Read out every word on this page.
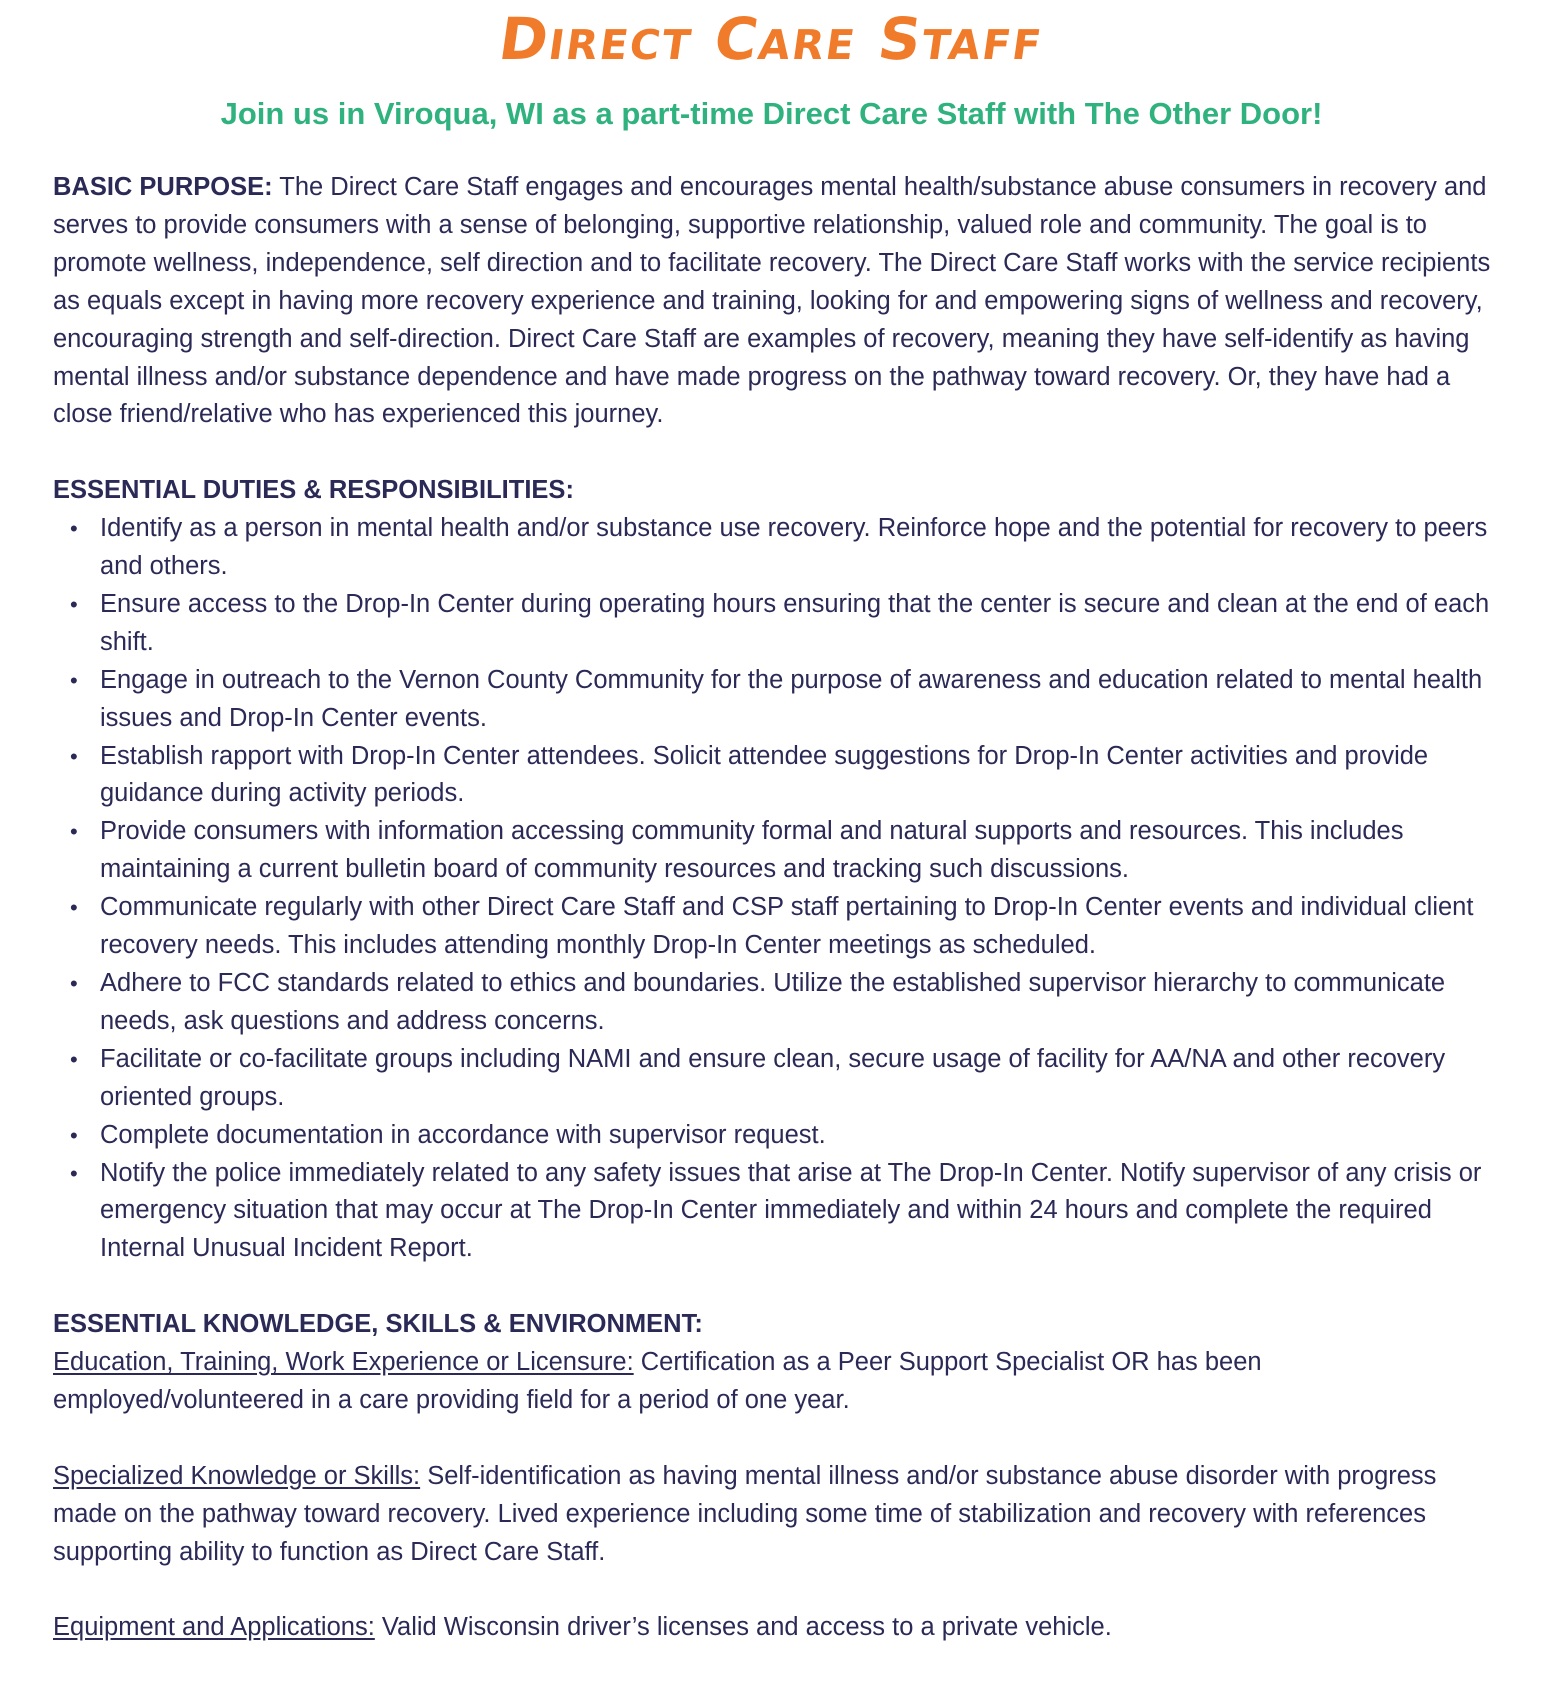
Direct Care Staff
Join us in Viroqua, WI as a part-time Direct Care Staff with The Other Door!

BASIC PURPOSE: The Direct Care Staff engages and encourages mental health/substance abuse consumers in recovery and serves to provide consumers with a sense of belonging, supportive relationship, valued role and community. The goal is to promote wellness, independence, self direction and to facilitate recovery. The Direct Care Staff works with the service recipients as equals except in having more recovery experience and training, looking for and empowering signs of wellness and recovery, encouraging strength and self-direction. Direct Care Staff are examples of recovery, meaning they have self-identify as having mental illness and/or substance dependence and have made progress on the pathway toward recovery. Or, they have had a close friend/relative who has experienced this journey.

ESSENTIAL DUTIES & RESPONSIBILITIES:
• Identify as a person in mental health and/or substance use recovery. Reinforce hope and the potential for recovery to peers and others.
• Ensure access to the Drop-In Center during operating hours ensuring that the center is secure and clean at the end of each shift.
• Engage in outreach to the Vernon County Community for the purpose of awareness and education related to mental health issues and Drop-In Center events.
• Establish rapport with Drop-In Center attendees. Solicit attendee suggestions for Drop-In Center activities and provide guidance during activity periods.
• Provide consumers with information accessing community formal and natural supports and resources. This includes maintaining a current bulletin board of community resources and tracking such discussions.
• Communicate regularly with other Direct Care Staff and CSP staff pertaining to Drop-In Center events and individual client recovery needs. This includes attending monthly Drop-In Center meetings as scheduled.
• Adhere to FCC standards related to ethics and boundaries. Utilize the established supervisor hierarchy to communicate needs, ask questions and address concerns.
• Facilitate or co-facilitate groups including NAMI and ensure clean, secure usage of facility for AA/NA and other recovery oriented groups.
• Complete documentation in accordance with supervisor request.
• Notify the police immediately related to any safety issues that arise at The Drop-In Center. Notify supervisor of any crisis or emergency situation that may occur at The Drop-In Center immediately and within 24 hours and complete the required Internal Unusual Incident Report.
ESSENTIAL KNOWLEDGE, SKILLS & ENVIRONMENT:

Education, Training, Work Experience or Licensure: Certification as a Peer Support Specialist OR has been employed/volunteered in a care providing field for a period of one year.

Specialized Knowledge or Skills: Self-identification as having mental illness and/or substance abuse disorder with progress made on the pathway toward recovery. Lived experience including some time of stabilization and recovery with references supporting ability to function as Direct Care Staff.

Equipment and Applications: Valid Wisconsin driver’s licenses and access to a private vehicle.
